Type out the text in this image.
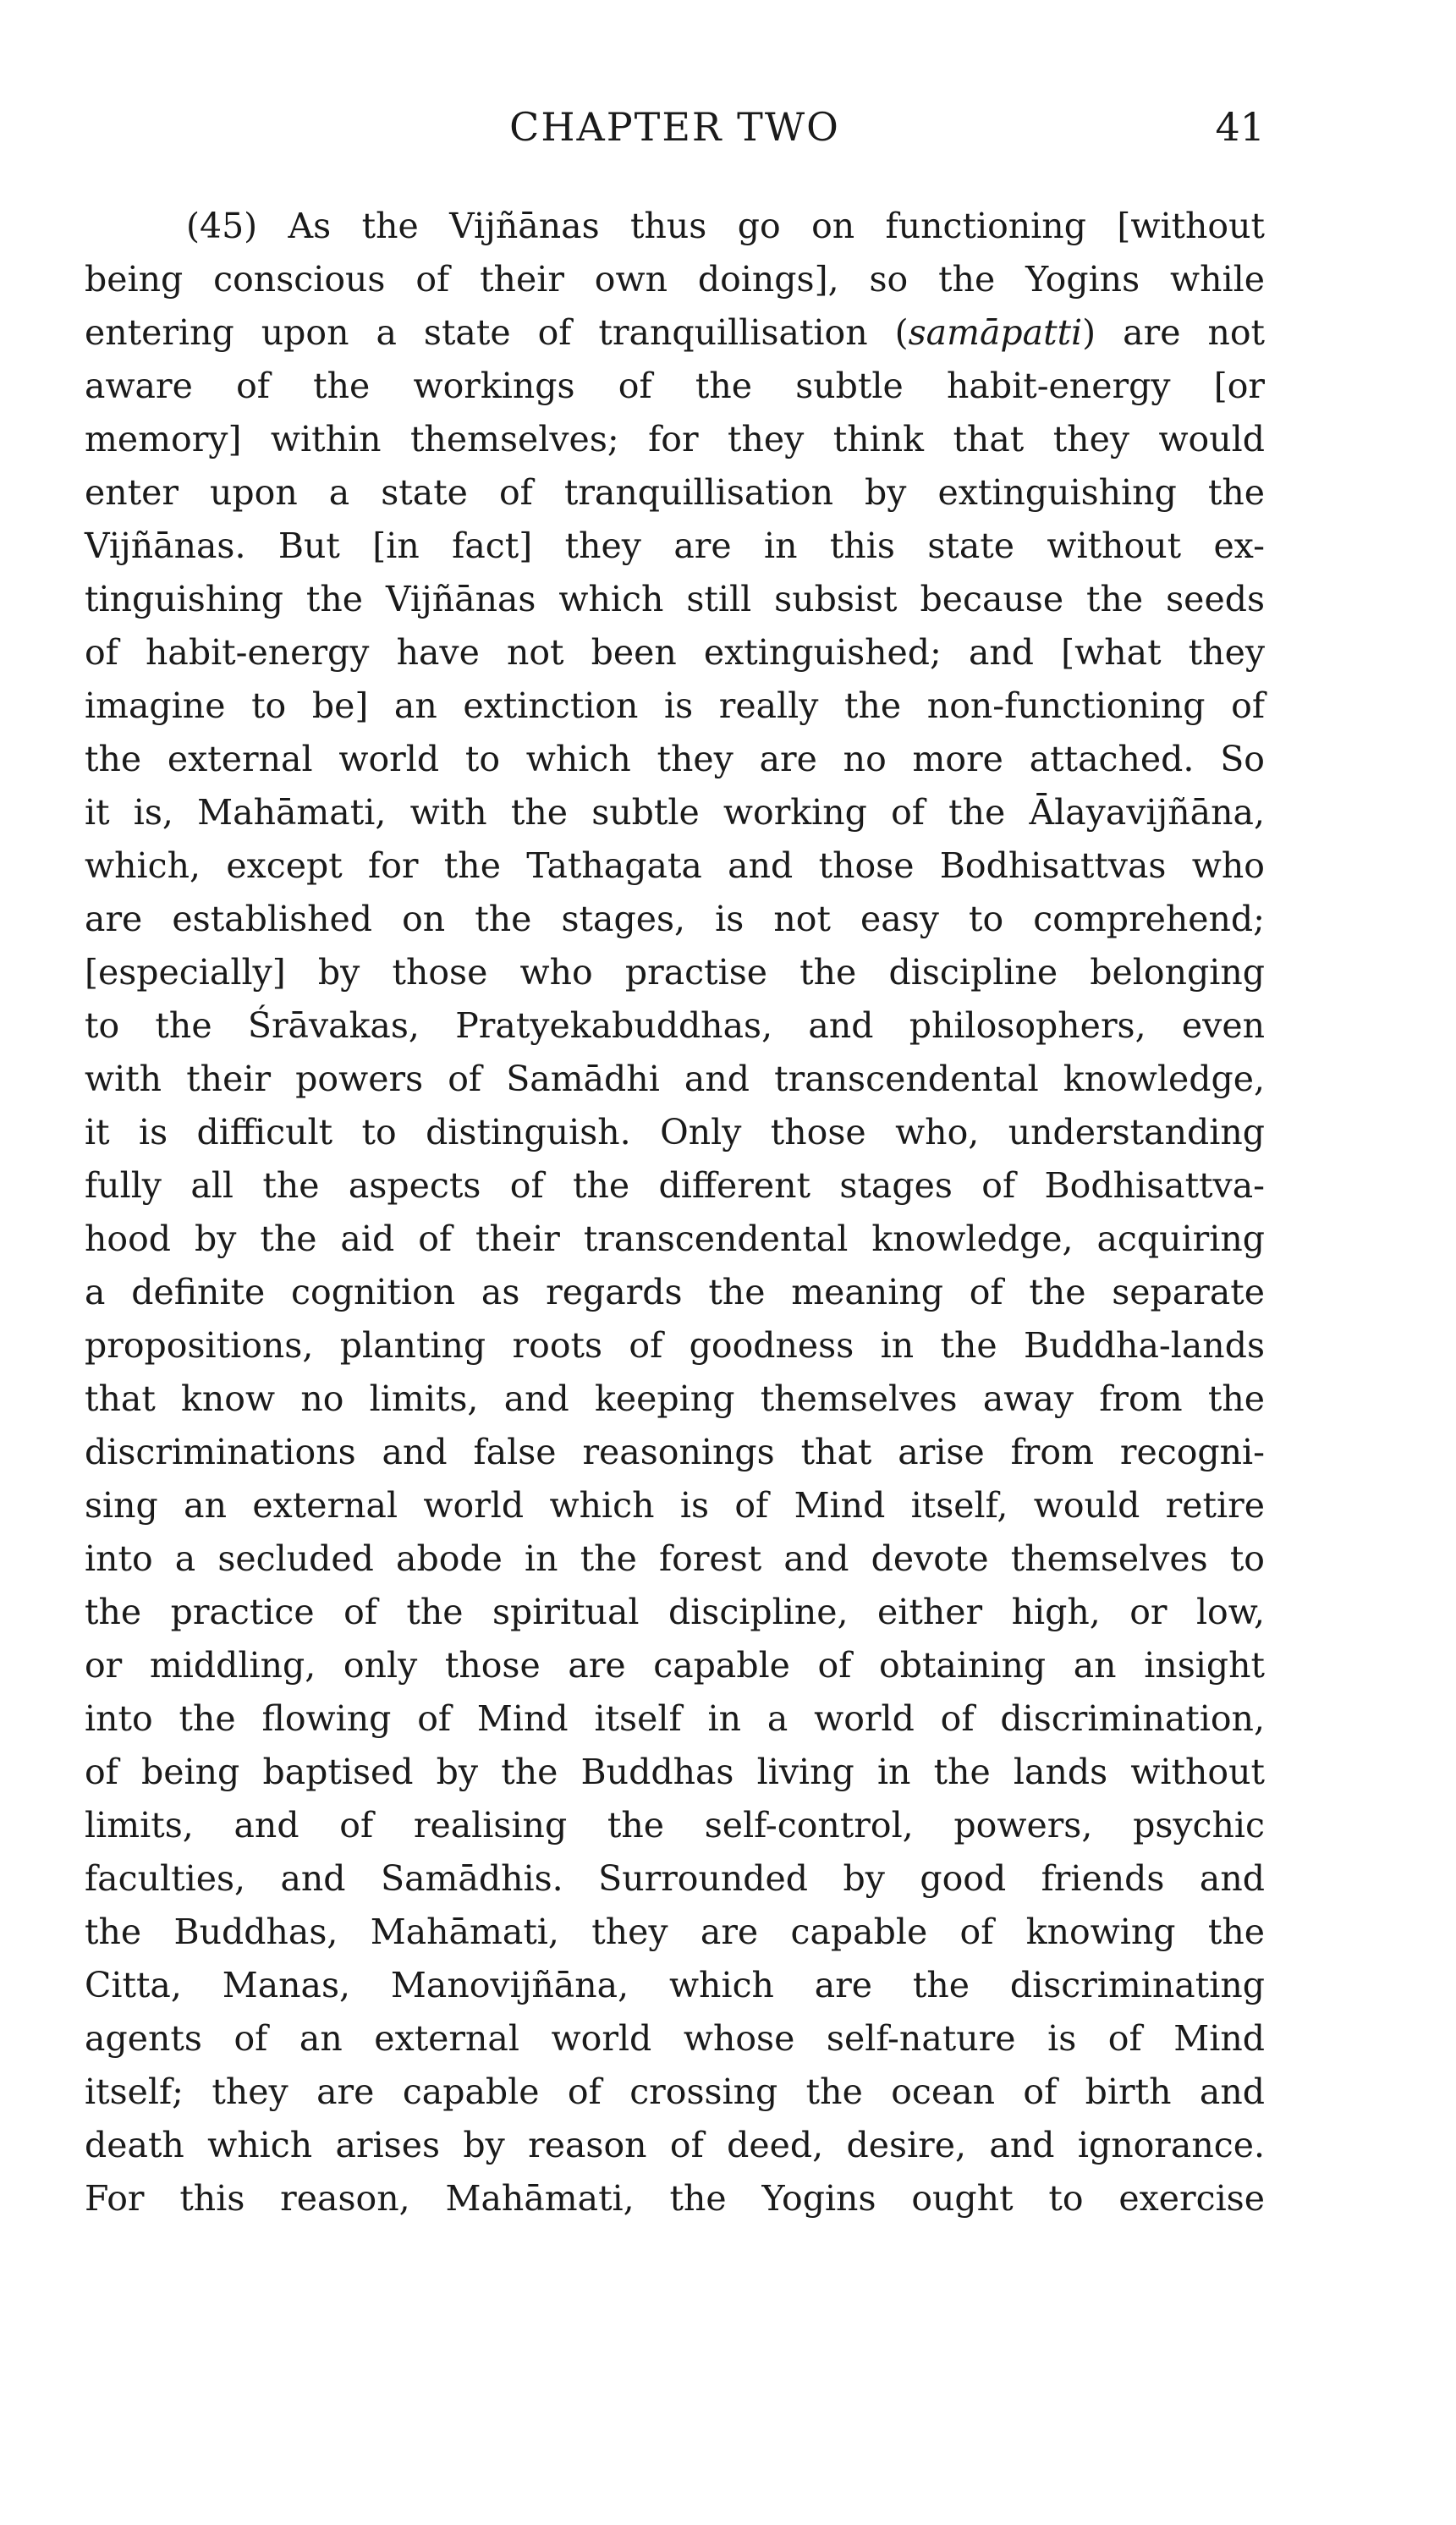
CHAPTER TWO	41
(45) As the Vijñānas thus go on functioning [without
being conscious of their own doings], so the Yogins while
entering upon a state of tranquillisation (samāpatti) are not
aware of the workings of the subtle habit-energy [or
memory] within themselves; for they think that they would
enter upon a state of tranquillisation by extinguishing the
Vijñānas. But [in fact] they are in this state without ex-
tinguishing the Vijñānas which still subsist because the seeds
of habit-energy have not been extinguished; and [what they
imagine to be] an extinction is really the non-functioning of
the external world to which they are no more attached. So
it is, Mahāmati, with the subtle working of the Ālayavijñāna,
which, except for the Tathagata and those Bodhisattvas who
are established on the stages, is not easy to comprehend;
[especially] by those who practise the discipline belonging
to the Śrāvakas, Pratyekabuddhas, and philosophers, even
with their powers of Samādhi and transcendental knowledge,
it is difficult to distinguish. Only those who, understanding
fully all the aspects of the different stages of Bodhisattva-
hood by the aid of their transcendental knowledge, acquiring
a definite cognition as regards the meaning of the separate
propositions, planting roots of goodness in the Buddha-lands
that know no limits, and keeping themselves away from the
discriminations and false reasonings that arise from recogni-
sing an external world which is of Mind itself, would retire
into a secluded abode in the forest and devote themselves to
the practice of the spiritual discipline, either high, or low,
or middling, only those are capable of obtaining an insight
into the flowing of Mind itself in a world of discrimination,
of being baptised by the Buddhas living in the lands without
limits, and of realising the self-control, powers, psychic
faculties, and Samādhis. Surrounded by good friends and
the Buddhas, Mahāmati, they are capable of knowing the
Citta, Manas, Manovijñāna, which are the discriminating
agents of an external world whose self-nature is of Mind
itself; they are capable of crossing the ocean of birth and
death which arises by reason of deed, desire, and ignorance.
For this reason, Mahāmati, the Yogins ought to exercise
